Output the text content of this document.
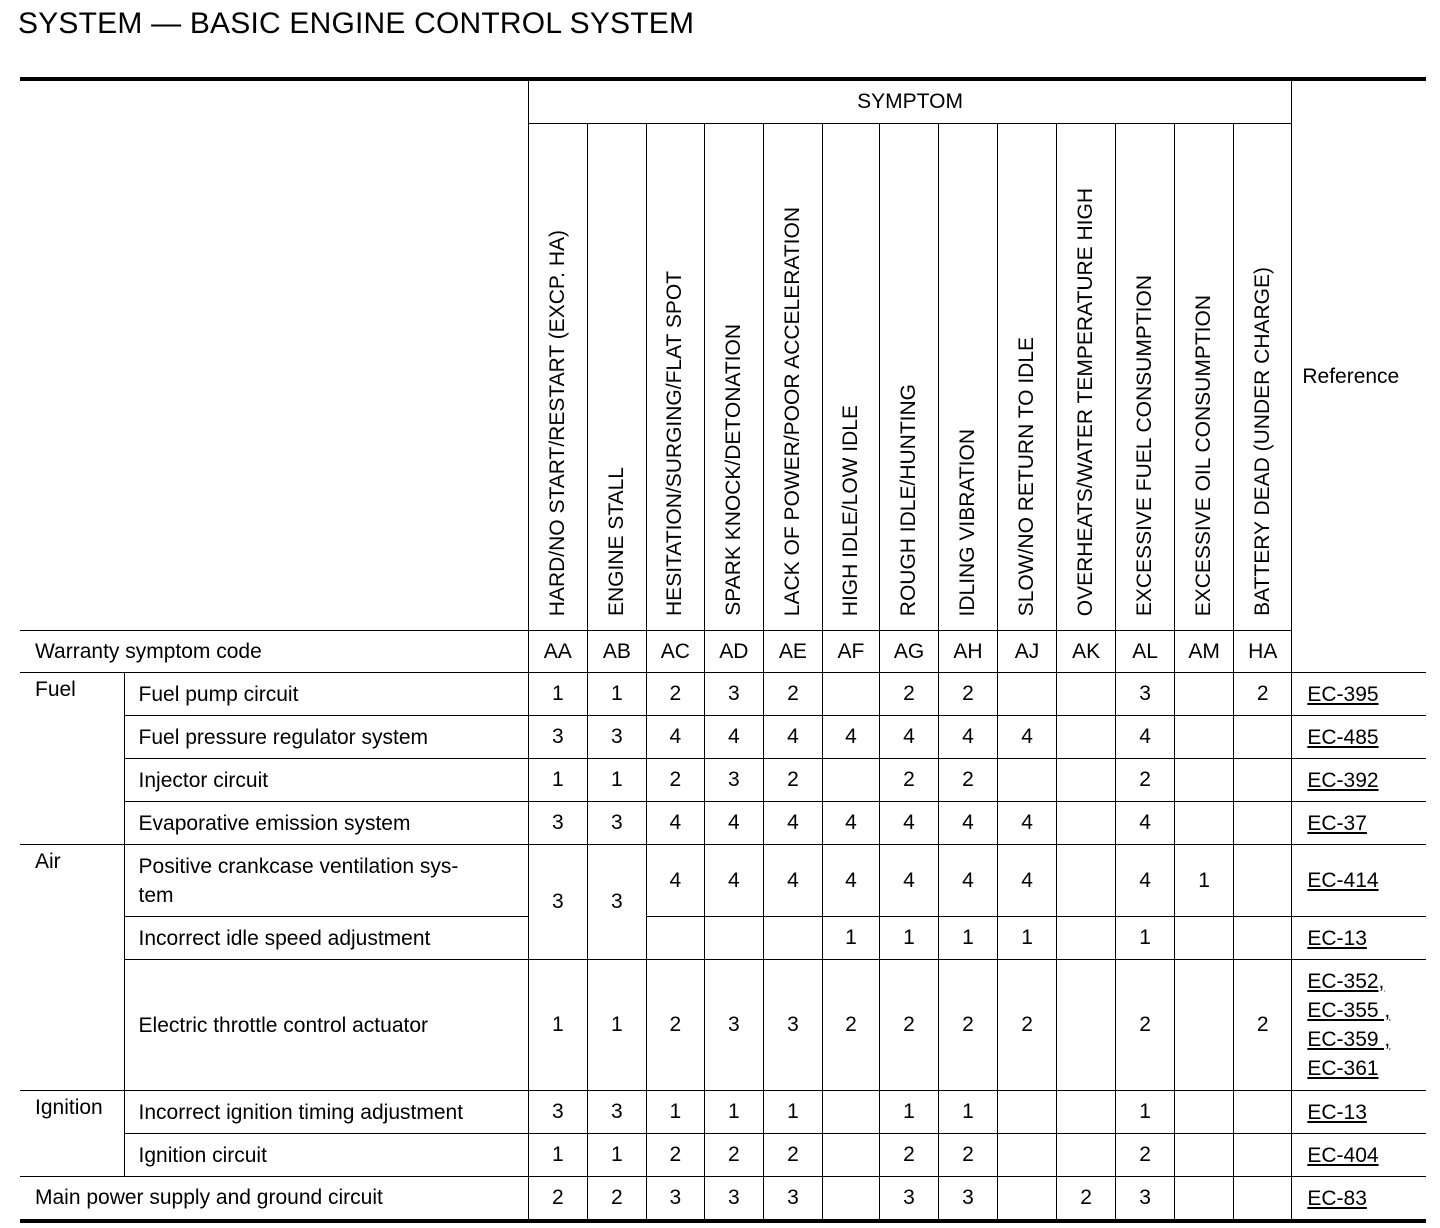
SYSTEM — BASIC ENGINE CONTROL SYSTEM
		SYMPTOM													Reference
		HARD/NO START/RESTART (EXCP. HA)	ENGINE STALL	HESITATION/SURGING/FLAT SPOT	SPARK KNOCK/DETONATION	LACK OF POWER/POOR ACCELERATION	HIGH IDLE/LOW IDLE	ROUGH IDLE/HUNTING	IDLING VIBRATION	SLOW/NO RETURN TO IDLE	OVERHEATS/WATER TEMPERATURE HIGH	EXCESSIVE FUEL CONSUMPTION	EXCESSIVE OIL CONSUMPTION	BATTERY DEAD (UNDER CHARGE)	
Warranty symptom code		AA	AB	AC	AD	AE	AF	AG	AH	AJ	AK	AL	AM	HA	
Fuel	Fuel pump circuit	1	1	2	3	2		2	2			3		2	EC-395
	Fuel pressure regulator system	3	3	4	4	4	4	4	4	4		4			EC-485
	Injector circuit	1	1	2	3	2		2	2			2			EC-392
	Evaporative emission system	3	3	4	4	4	4	4	4	4		4			EC-37
Air	Positive crankcase ventilation sys-
tem	3	3	4	4	4	4	4	4	4		4	1		EC-414
	Incorrect idle speed adjustment						1	1	1	1		1			EC-13
	Electric throttle control actuator	1	1	2	3	3	2	2	2	2		2		2	EC-352,
EC-355 ,
EC-359 ,
EC-361
Ignition	Incorrect ignition timing adjustment	3	3	1	1	1		1	1			1			EC-13
	Ignition circuit	1	1	2	2	2		2	2			2			EC-404
Main power supply and ground circuit		2	2	3	3	3		3	3		2	3			EC-83
